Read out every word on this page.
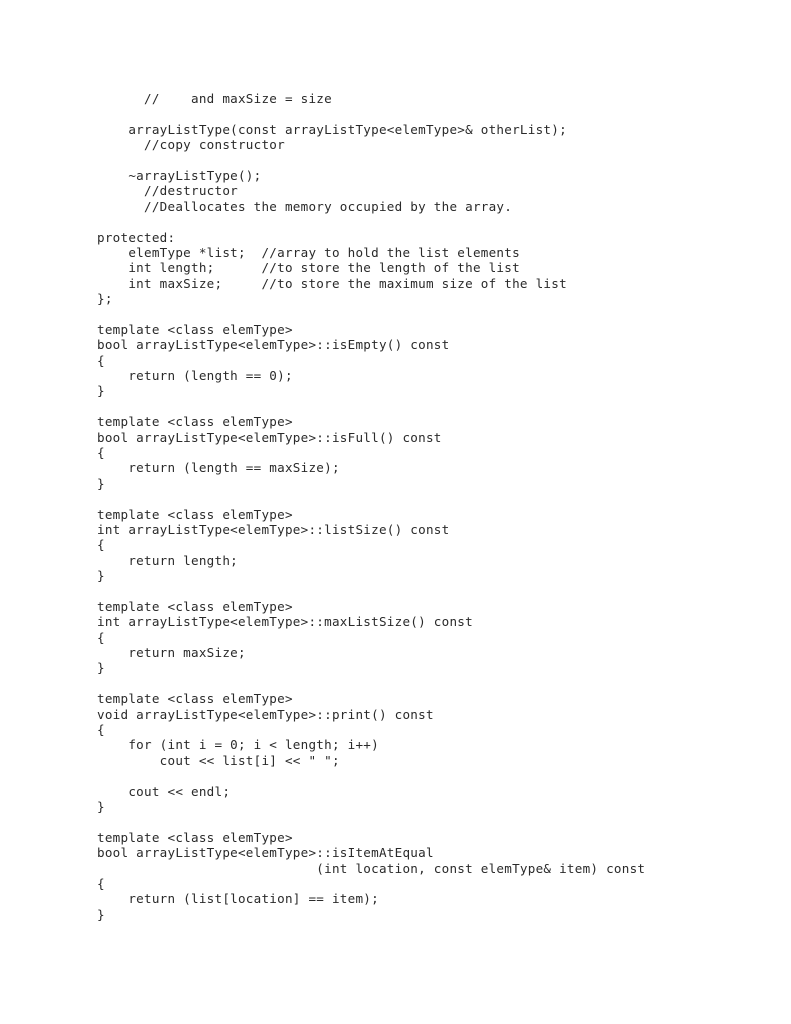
//    and maxSize = size
arrayListType(const arrayListType<elemType>& otherList);
//copy constructor
~arrayListType();
//destructor
//Deallocates the memory occupied by the array.
protected:
elemType *list;  //array to hold the list elements
int length;      //to store the length of the list
int maxSize;     //to store the maximum size of the list
};
template <class elemType>
bool arrayListType<elemType>::isEmpty() const
{
return (length == 0);
}
template <class elemType>
bool arrayListType<elemType>::isFull() const
{
return (length == maxSize);
}
template <class elemType>
int arrayListType<elemType>::listSize() const
{
return length;
}
template <class elemType>
int arrayListType<elemType>::maxListSize() const
{
return maxSize;
}
template <class elemType>
void arrayListType<elemType>::print() const
{
for (int i = 0; i < length; i++)
cout << list[i] << " ";
cout << endl;
}
template <class elemType>
bool arrayListType<elemType>::isItemAtEqual
(int location, const elemType& item) const
{
return (list[location] == item);
}
